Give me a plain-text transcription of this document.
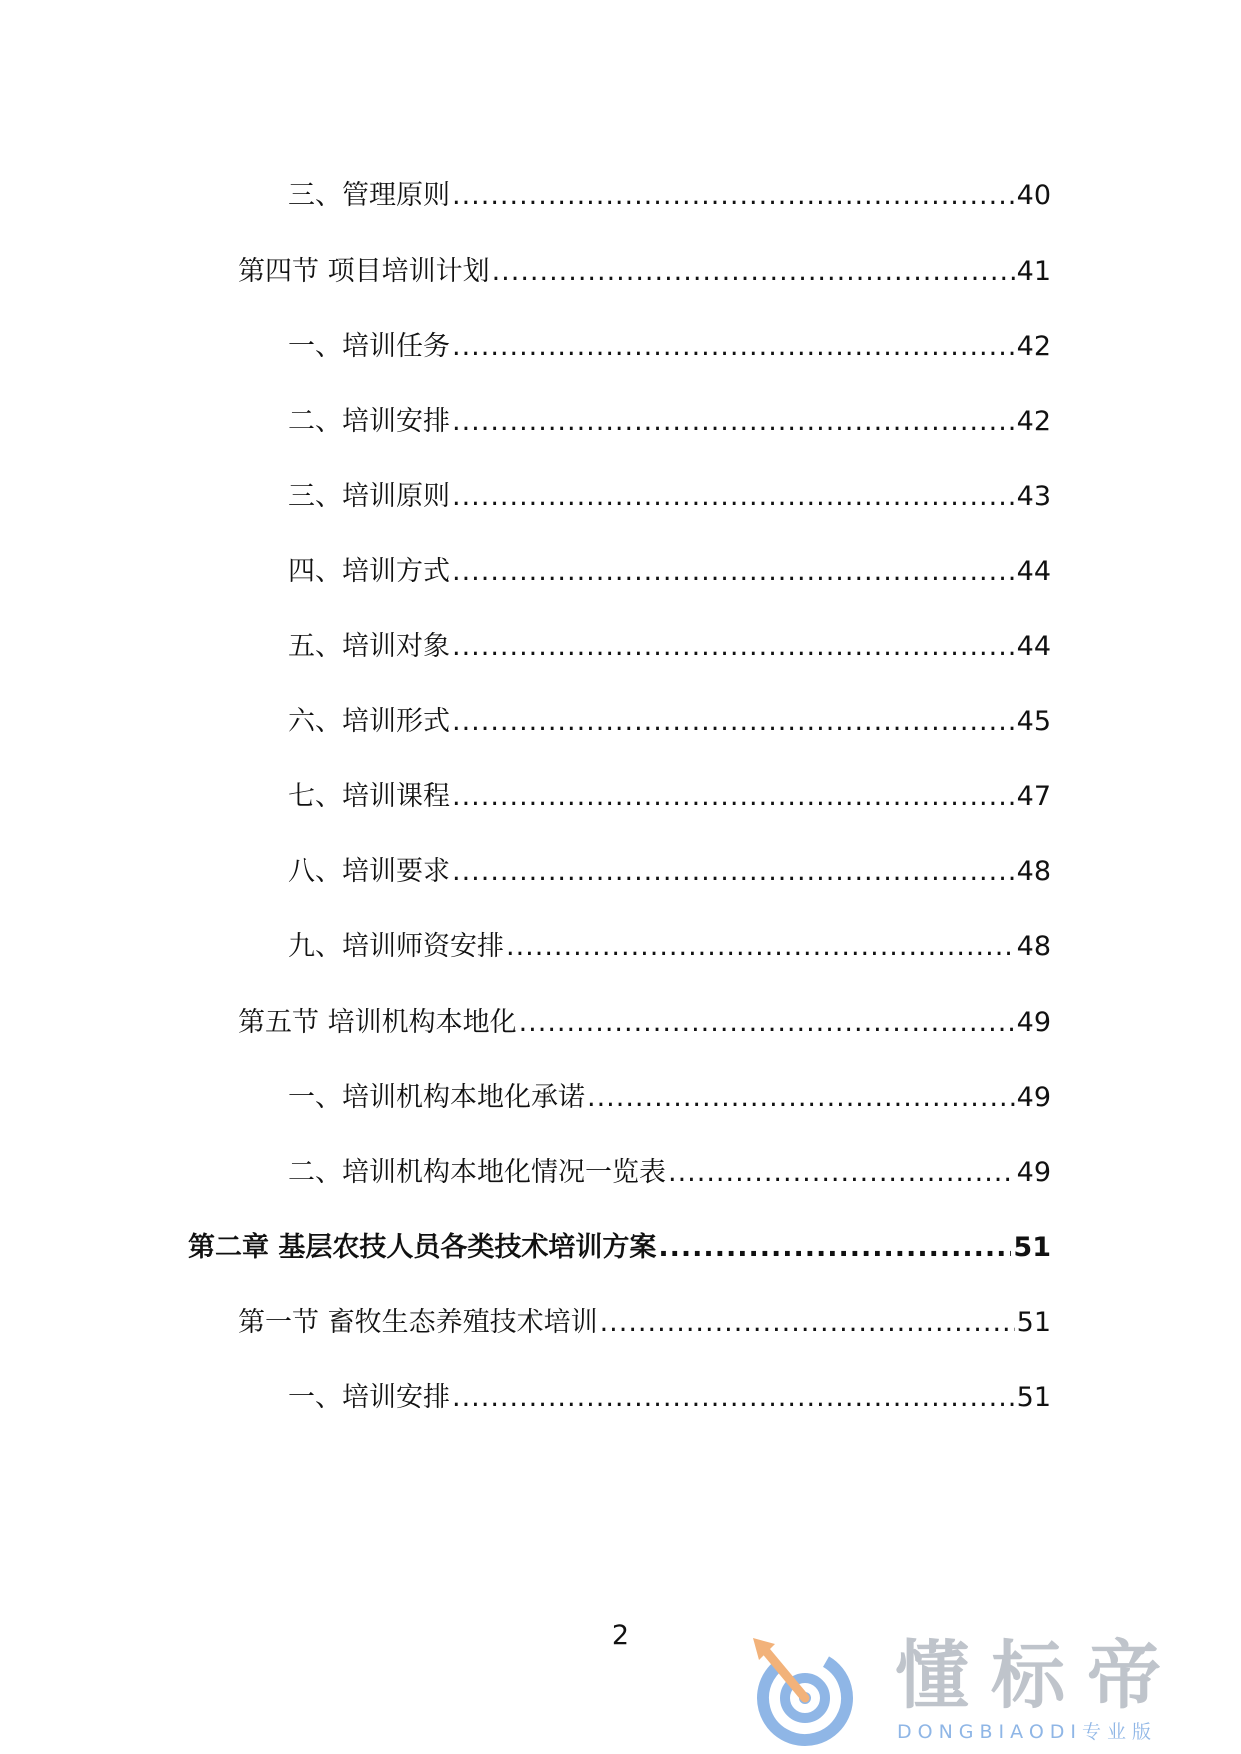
三、管理原则 .....	40
第四节 项目培训计划 .....	41
一、培训任务 .....	42
二、培训安排 .....	42
三、培训原则 .....	43
四、培训方式 .....	44
五、培训对象 .....	44
六、培训形式 .....	45
七、培训课程 .....	47
八、培训要求 .....	48
九、培训师资安排 .....	48
第五节 培训机构本地化 .....	49
一、培训机构本地化承诺 .....	49
二、培训机构本地化情况一览表 .....	49
第二章 基层农技人员各类技术培训方案 .....	51
第一节 畜牧生态养殖技术培训 .....	51
一、培训安排 .....	51
2	懂标帝
DONGBIAODI专业版
